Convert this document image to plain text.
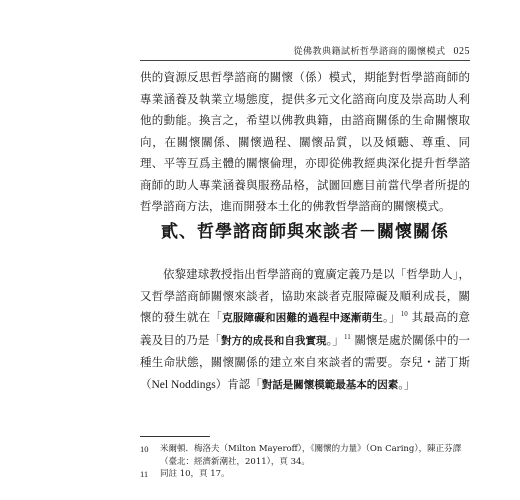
從佛教典籍試析哲學諮商的關懷模式 025

供的資源反思哲學諮商的關懷（係）模式，期能對哲學諮商師的專業涵養及執業立場態度，提供多元文化諮商向度及崇高助人利他的動能。換言之，希望以佛教典籍，由諮商關係的生命關懷取向，在關懷關係、關懷過程、關懷品質，以及傾聽、尊重、同理、平等互爲主體的關懷倫理，亦即從佛教經典深化提升哲學諮商師的助人專業涵養與服務品格，試圖回應目前當代學者所提的哲學諮商方法，進而開發本土化的佛教哲學諮商的關懷模式。

貳、哲學諮商師與來談者－關懷關係

依黎建球教授指出哲學諮商的寬廣定義乃是以「哲學助人」，又哲學諮商師關懷來談者，協助來談者克服障礙及順利成長，關懷的發生就在「克服障礙和困難的過程中逐漸萌生。」$^{10}$ 其最高的意義及目的乃是「對方的成長和自我實現。」$^{11}$ 關懷是處於關係中的一種生命狀態，關懷關係的建立來自來談者的需要。奈兒・諾丁斯（Nel Noddings）肯認「對話是關懷模範最基本的因素。」

10	米爾頓．梅洛夫（Milton Mayeroff），《關懷的力量》（On Caring），陳正芬譯（臺北：經濟新潮社，2011），頁 34。
11	同註 10，頁 17。
